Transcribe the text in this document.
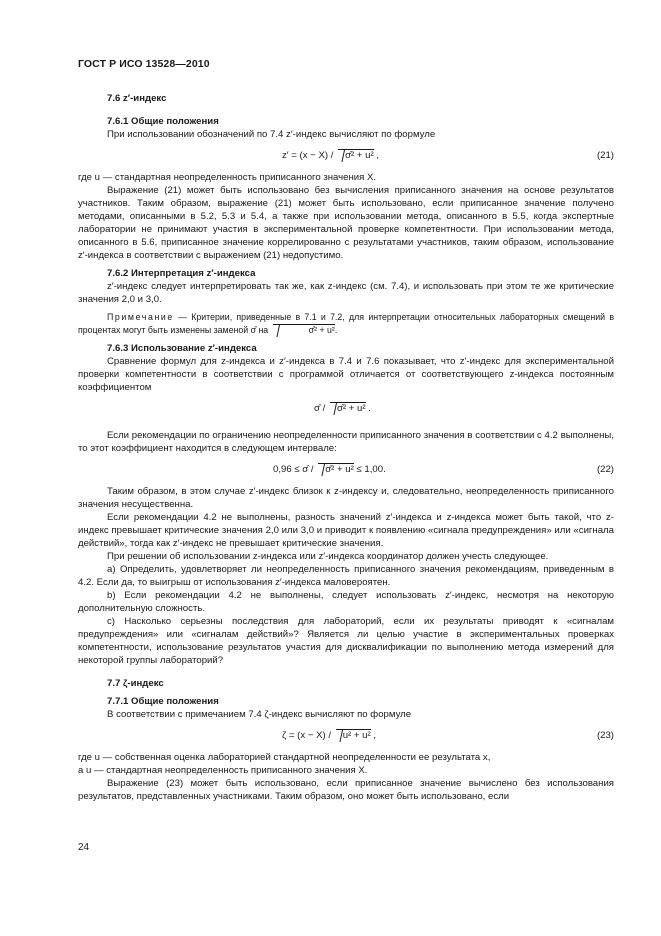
ГОСТ Р ИСО 13528—2010
7.6 z′-индекс
7.6.1 Общие положения

При использовании обозначений по 7.4 z′-индекс вычисляют по формуле

z′ = (x − X) / σ̂² + u² ,	(21)

где u — стандартная неопределенность приписанного значения X.

Выражение (21) может быть использовано без вычисления приписанного значения на основе результатов участников. Таким образом, выражение (21) может быть использовано, если приписанное значение получено методами, описанными в 5.2, 5.3 и 5.4, а также при использовании метода, описанного в 5.5, когда экспертные лаборатории не принимают участия в экспериментальной проверке компетентности. При использовании метода, описанного в 5.6, приписанное значение коррелированно с результатами участников, таким образом, использование z′-индекса в соответствии с выражением (21) недопустимо.

7.6.2 Интерпретация z′-индекса

z′-индекс следует интерпретировать так же, как z-индекс (см. 7.4), и использовать при этом те же критические значения 2,0 и 3,0.

Примечание — Критерии, приведенные в 7.1 и 7.2, для интерпретации относительных лабораторных смещений в процентах могут быть изменены заменой σ̂ на	σ̂² + u².

7.6.3 Использование z′-индекса

Сравнение формул для z-индекса и z′-индекса в 7.4 и 7.6 показывает, что z′-индекс для экспериментальной проверки компетентности в соответствии с программой отличается от соответствующего z-индекса постоянным коэффициентом

σ̂ / σ̂² + u² .

Если рекомендации по ограничению неопределенности приписанного значения в соответствии с 4.2 выполнены, то этот коэффициент находится в следующем интервале:

0,96 ≤ σ̂ / σ̂² + u² ≤ 1,00.	(22)

Таким образом, в этом случае z′-индекс близок к z-индексу и, следовательно, неопределенность приписанного значения несущественна.

Если рекомендации 4.2 не выполнены, разность значений z′-индекса и z-индекса может быть такой, что z-индекс превышает критические значения 2,0 или 3,0 и приводит к появлению «сигнала предупреждения» или «сигнала действий», тогда как z′-индекс не превышает критические значения.

При решении об использовании z-индекса или z′-индекса координатор должен учесть следующее.

a) Определить, удовлетворяет ли неопределенность приписанного значения рекомендациям, приведенным в 4.2. Если да, то выигрыш от использования z′-индекса маловероятен.

b) Если рекомендации 4.2 не выполнены, следует использовать z′-индекс, несмотря на некоторую дополнительную сложность.

c) Насколько серьезны последствия для лабораторий, если их результаты приводят к «сигналам предупреждения» или «сигналам действий»? Является ли целью участие в экспериментальных проверках компетентности, использование результатов участия для дисквалификации по выполнению метода измерений для некоторой группы лабораторий?

7.7 ζ-индекс
7.7.1 Общие положения

В соответствии с примечанием 7.4 ζ-индекс вычисляют по формуле

ζ = (x − X) / u² + u² ,	(23)

где u — собственная оценка лабораторией стандартной неопределенности ее результата x,

а u — стандартная неопределенность приписанного значения X.

Выражение (23) может быть использовано, если приписанное значение вычислено без использования результатов, представленных участниками. Таким образом, оно может быть использовано, если

24
